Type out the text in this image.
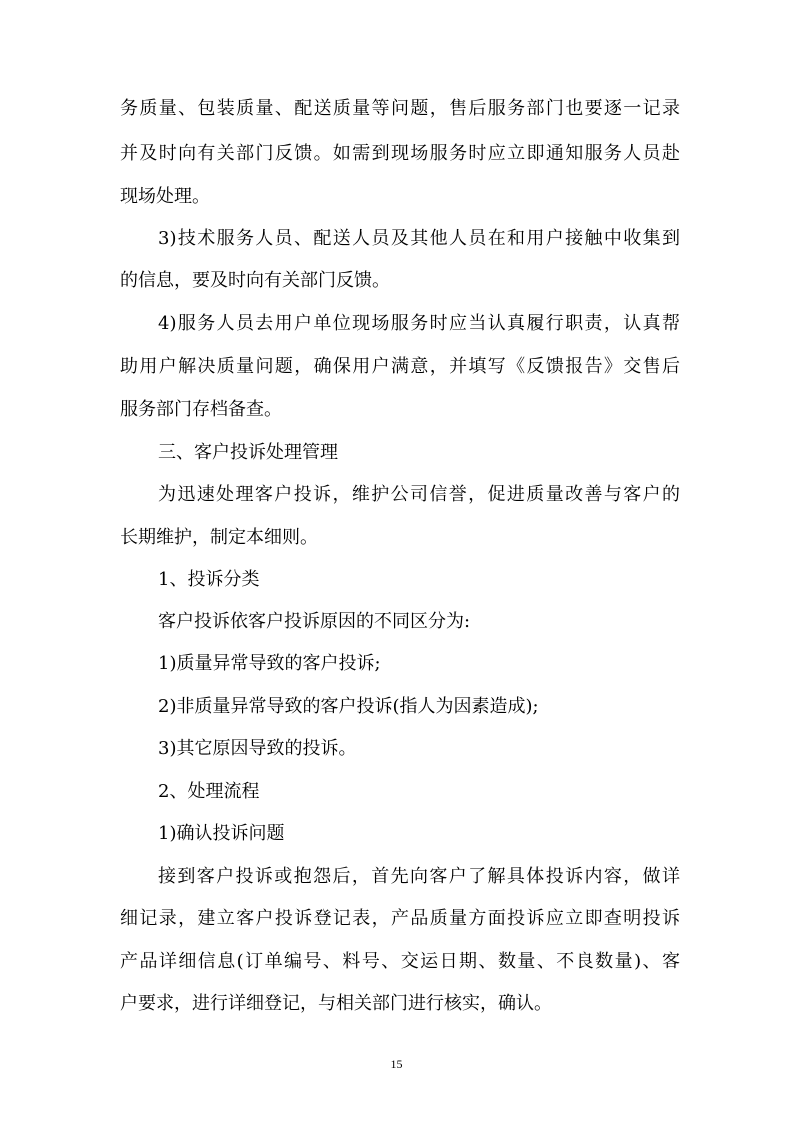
务质量、包装质量、配送质量等问题，售后服务部门也要逐一记录
并及时向有关部门反馈。如需到现场服务时应立即通知服务人员赴
现场处理。
3)技术服务人员、配送人员及其他人员在和用户接触中收集到
的信息，要及时向有关部门反馈。
4)服务人员去用户单位现场服务时应当认真履行职责，认真帮
助用户解决质量问题，确保用户满意，并填写《反馈报告》交售后
服务部门存档备查。
三、客户投诉处理管理
为迅速处理客户投诉，维护公司信誉，促进质量改善与客户的
长期维护，制定本细则。
1、投诉分类
客户投诉依客户投诉原因的不同区分为:
1)质量异常导致的客户投诉;
2)非质量异常导致的客户投诉(指人为因素造成);
3)其它原因导致的投诉。
2、处理流程
1)确认投诉问题
接到客户投诉或抱怨后，首先向客户了解具体投诉内容，做详
细记录，建立客户投诉登记表，产品质量方面投诉应立即查明投诉
产品详细信息(订单编号、料号、交运日期、数量、不良数量)、客
户要求，进行详细登记，与相关部门进行核实，确认。
15
